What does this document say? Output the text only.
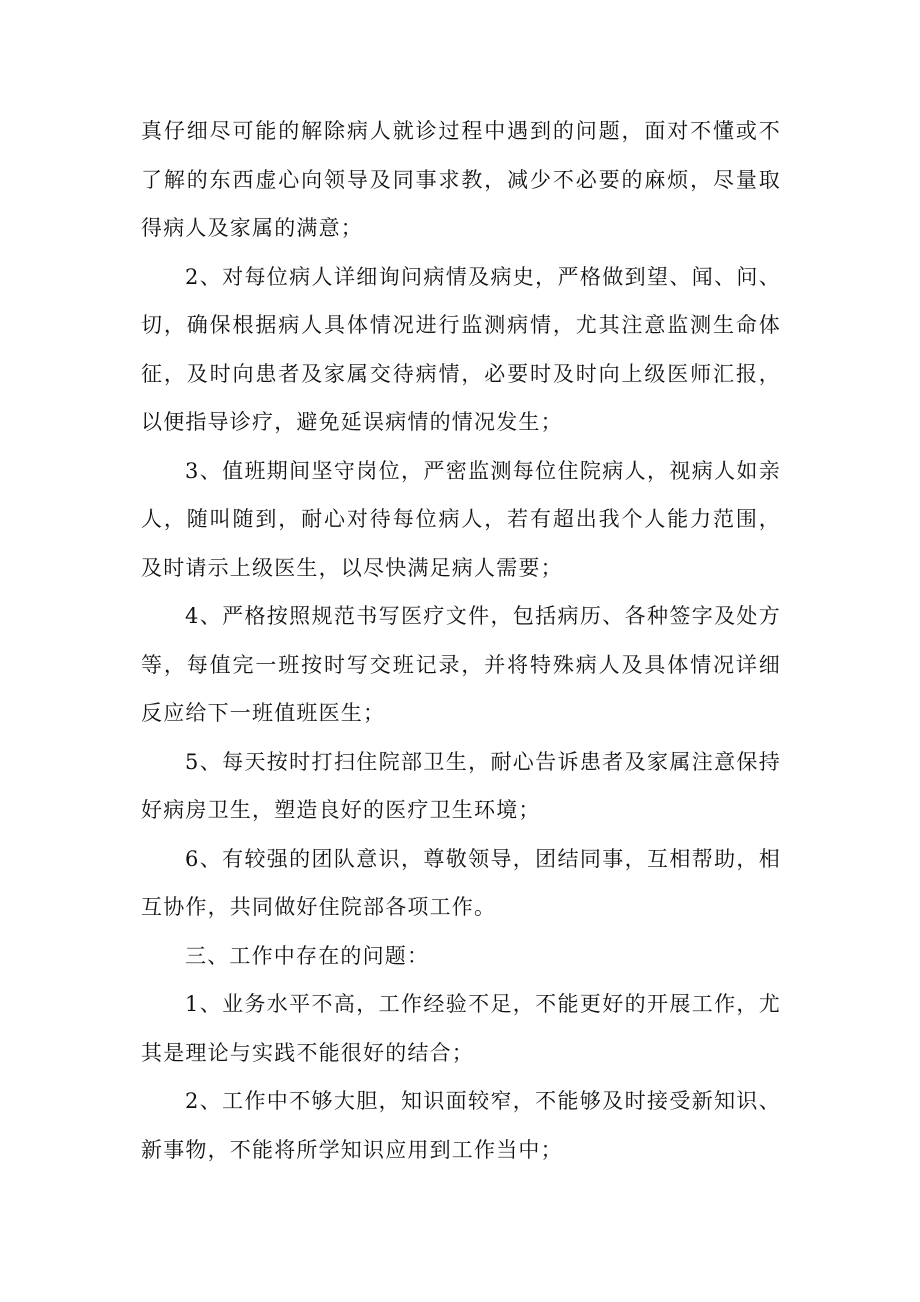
真仔细尽可能的解除病人就诊过程中遇到的问题，面对不懂或不了解的东西虚心向领导及同事求教，减少不必要的麻烦，尽量取得病人及家属的满意；

2、对每位病人详细询问病情及病史，严格做到望、闻、问、切，确保根据病人具体情况进行监测病情，尤其注意监测生命体征，及时向患者及家属交待病情，必要时及时向上级医师汇报，以便指导诊疗，避免延误病情的情况发生；

3、值班期间坚守岗位，严密监测每位住院病人，视病人如亲人，随叫随到，耐心对待每位病人，若有超出我个人能力范围，及时请示上级医生，以尽快满足病人需要；

4、严格按照规范书写医疗文件，包括病历、各种签字及处方等，每值完一班按时写交班记录，并将特殊病人及具体情况详细反应给下一班值班医生；

5、每天按时打扫住院部卫生，耐心告诉患者及家属注意保持好病房卫生，塑造良好的医疗卫生环境；

6、有较强的团队意识，尊敬领导，团结同事，互相帮助，相互协作，共同做好住院部各项工作。

三、工作中存在的问题：

1、业务水平不高，工作经验不足，不能更好的开展工作，尤其是理论与实践不能很好的结合；

2、工作中不够大胆，知识面较窄，不能够及时接受新知识、新事物，不能将所学知识应用到工作当中；
